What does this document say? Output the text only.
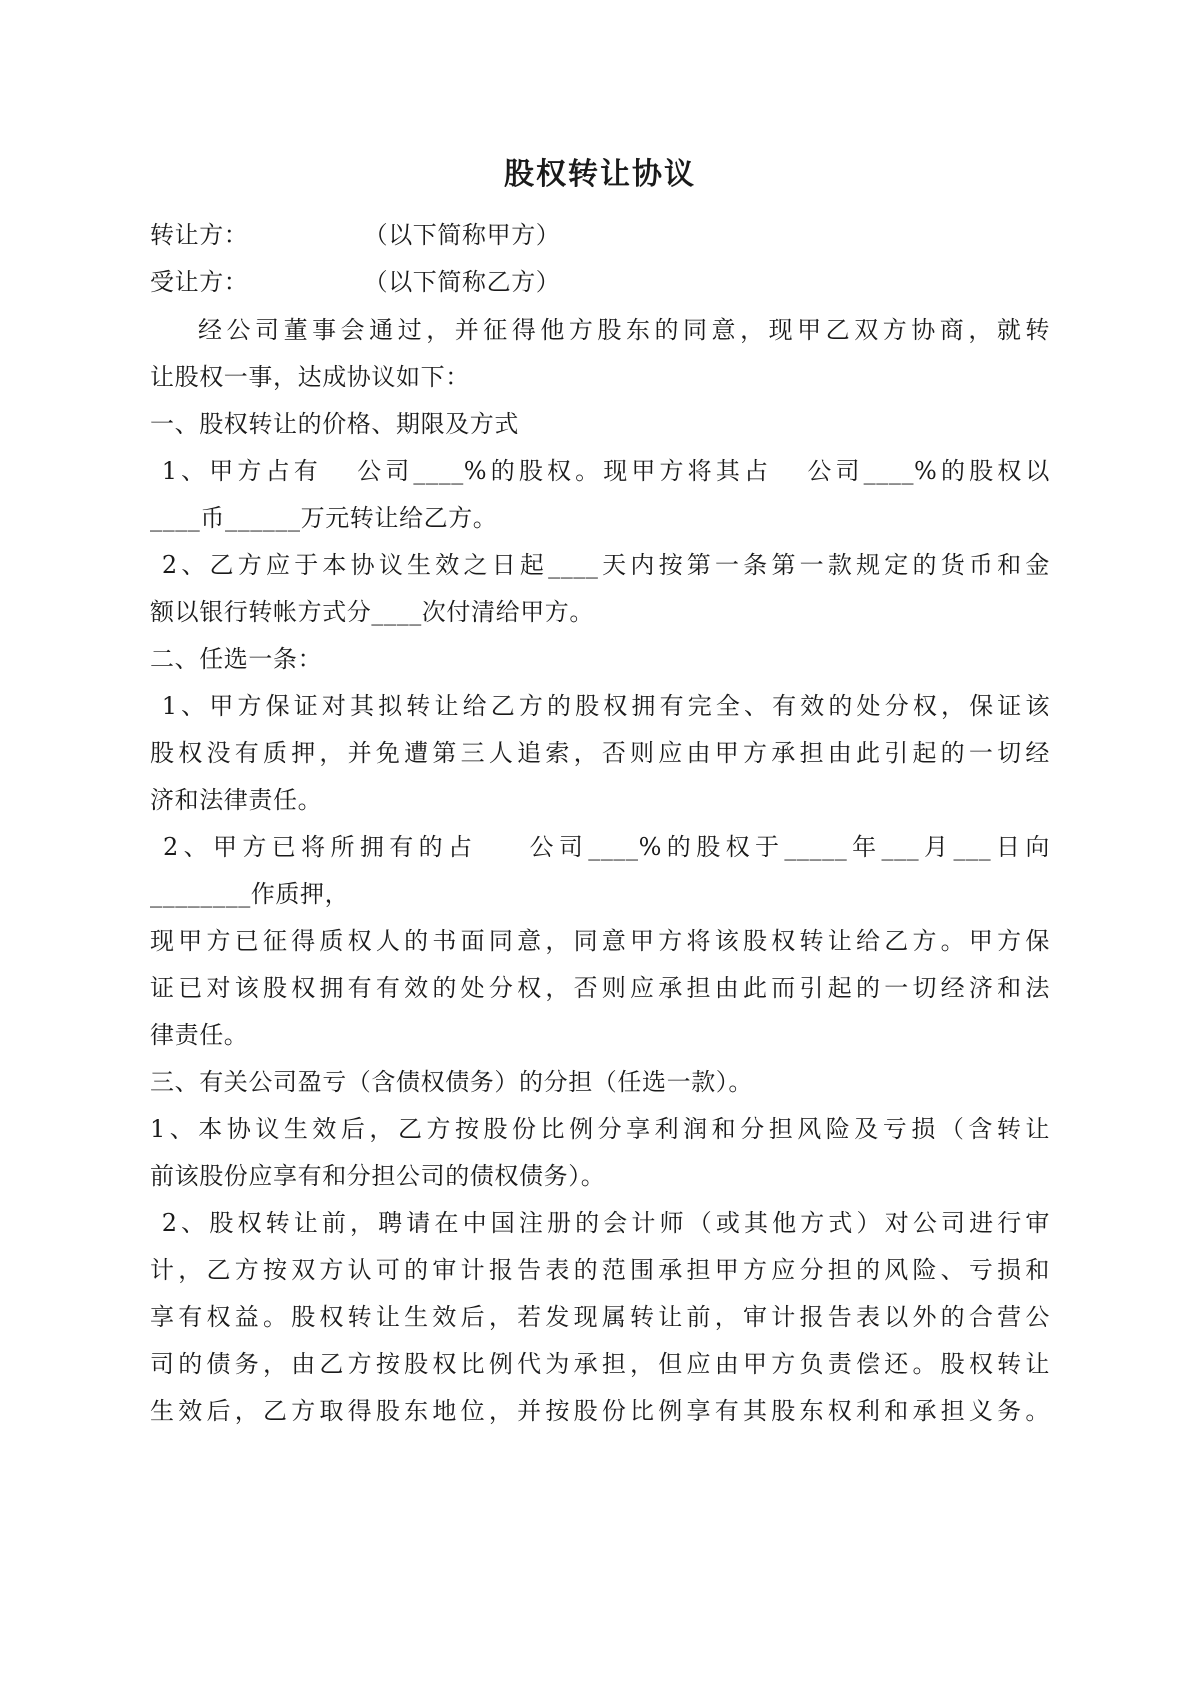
股权转让协议
转让方：              （以下简称甲方）
受让方：              （以下简称乙方）
经公司董事会通过，并征得他方股东的同意，现甲乙双方协商，就转
让股权一事，达成协议如下：
一、股权转让的价格、期限及方式
1、甲方占有   公司____%的股权。现甲方将其占   公司____%的股权以
____币______万元转让给乙方。
2、乙方应于本协议生效之日起____天内按第一条第一款规定的货币和金
额以银行转帐方式分____次付清给甲方。
二、任选一条：
1、甲方保证对其拟转让给乙方的股权拥有完全、有效的处分权，保证该
股权没有质押，并免遭第三人追索，否则应由甲方承担由此引起的一切经
济和法律责任。
2、甲方已将所拥有的占    公司____%的股权于_____年___月___日向
________作质押，
现甲方已征得质权人的书面同意，同意甲方将该股权转让给乙方。甲方保
证已对该股权拥有有效的处分权，否则应承担由此而引起的一切经济和法
律责任。
三、有关公司盈亏（含债权债务）的分担（任选一款）。
1、本协议生效后，乙方按股份比例分享利润和分担风险及亏损（含转让
前该股份应享有和分担公司的债权债务）。
2、股权转让前，聘请在中国注册的会计师（或其他方式）对公司进行审
计，乙方按双方认可的审计报告表的范围承担甲方应分担的风险、亏损和
享有权益。股权转让生效后，若发现属转让前，审计报告表以外的合营公
司的债务，由乙方按股权比例代为承担，但应由甲方负责偿还。股权转让
生效后，乙方取得股东地位，并按股份比例享有其股东权利和承担义务。
